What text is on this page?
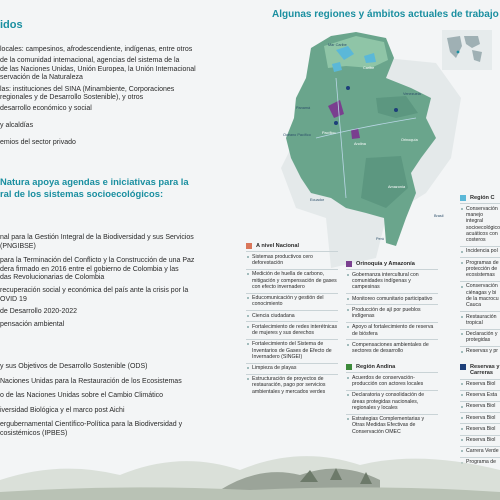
idos
locales: campesinos, afrodescendiente, indígenas, entre otros
de la comunidad internacional, agencias del sistema de la
de las Naciones Unidas, Unión Europea, la Unión Internacional
servación de la Naturaleza
las: instituciones del SINA (Minambiente, Corporaciones
regionales y de Desarrollo Sostenible), y otros
desarrollo económico y social
y alcaldías
emios del sector privado
Natura apoya agendas e iniciativas para la
ral de los sistemas socioecológicos:
nal para la Gestión Integral de la Biodiversidad y sus Servicios
(PNGIBSE)
para la Terminación del Conflicto y la Construcción de una Paz
dera firmado en 2016 entre el gobierno de Colombia y las
das Revolucionarias de Colombia
recuperación social y económica del país ante la crisis por la
OVID 19
de Desarrollo 2020-2022
pensación ambiental
y sus Objetivos de Desarrollo Sostenible (ODS)
Naciones Unidas para la Restauración de los Ecosistemas
o de las Naciones Unidas sobre el Cambio Climático
iversidad Biológica y el marco post Aichi
ergubernamental Científico-Política para la Biodiversidad y
cosistémicos (IPBES)
Algunas regiones y ámbitos actuales de trabajo
Mar Caribe
Caribe
Venezuela
Panamá
Océano Pacífico	Pacífico
Andina
Orinoquía
Amazonía
Ecuador
Perú
Brasil
A nivel Nacional
Sistemas productivos cero deforestación
Medición de huella de carbono, mitigación y compensación de gases con efecto invernadero
Educomunicación y gestión del conocimiento
Ciencia ciudadana
Fortalecimiento de redes interétnicas de mujeres y sus derechos
Fortalecimiento del Sistema de Inventarios de Gases de Efecto de Invernadero (SINGEI)
Limpieza de playas
Estructuración de proyectos de restauración, pago por servicios ambientales y mercados verdes
Orinoquía y Amazonía
Gobernanza intercultural con comunidades indígenas y campesinas
Monitoreo comunitario participativo
Producción de ají por pueblos indígenas
Apoyo al fortalecimiento de reserva de biósfera
Compensaciones ambientales de sectores de desarrollo
Región Andina
Acuerdos de conservación-producción con actores locales
Declaratoria y consolidación de áreas protegidas nacionales, regionales y locales
Estrategias Complementarias y Otras Medidas Efectivas de Conservación OMEC
Región C
Conservación manejo integral socioecológico acuáticos con costeros
Incidencia pol
Programas de protección de ecosistemas
Conservación ciénagas y bi de la macrocu Cauca
Restauración tropical
Declaración y protegidas
Reservas y pr
Reservas y Carreras
Reserva Biol
Reserva Esta
Reserva Biol
Reserva Biol
Reserva Biol
Reserva Biol
Carrera Verde
Programa de
